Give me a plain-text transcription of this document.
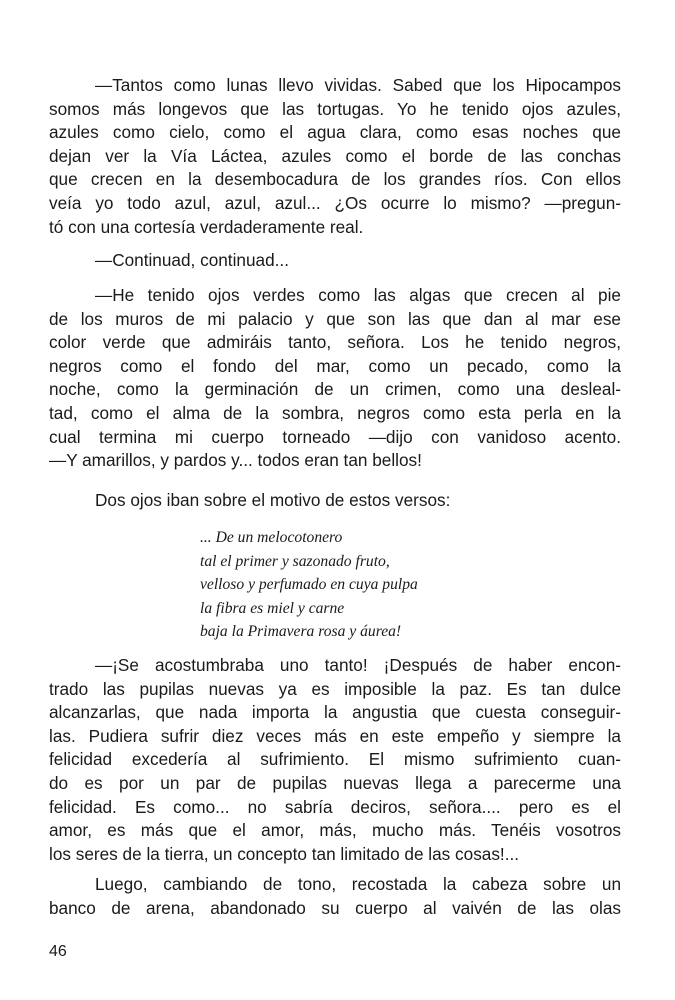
—Tantos como lunas llevo vividas. Sabed que los Hipocampos
somos más longevos que las tortugas. Yo he tenido ojos azules,
azules como cielo, como el agua clara, como esas noches que
dejan ver la Vía Láctea, azules como el borde de las conchas
que crecen en la desembocadura de los grandes ríos. Con ellos
veía yo todo azul, azul, azul... ¿Os ocurre lo mismo? —pregun-
tó con una cortesía verdaderamente real.

—Continuad, continuad...

—He tenido ojos verdes como las algas que crecen al pie
de los muros de mi palacio y que son las que dan al mar ese
color verde que admiráis tanto, señora. Los he tenido negros,
negros como el fondo del mar, como un pecado, como la
noche, como la germinación de un crimen, como una desleal-
tad, como el alma de la sombra, negros como esta perla en la
cual termina mi cuerpo torneado —dijo con vanidoso acento.
—Y amarillos, y pardos y... todos eran tan bellos!

Dos ojos iban sobre el motivo de estos versos:

... De un melocotonero
tal el primer y sazonado fruto,
velloso y perfumado en cuya pulpa
la fibra es miel y carne
baja la Primavera rosa y áurea!

—¡Se acostumbraba uno tanto! ¡Después de haber encon-
trado las pupilas nuevas ya es imposible la paz. Es tan dulce
alcanzarlas, que nada importa la angustia que cuesta conseguir-
las. Pudiera sufrir diez veces más en este empeño y siempre la
felicidad excedería al sufrimiento. El mismo sufrimiento cuan-
do es por un par de pupilas nuevas llega a parecerme una
felicidad. Es como... no sabría deciros, señora.... pero es el
amor, es más que el amor, más, mucho más. Tenéis vosotros
los seres de la tierra, un concepto tan limitado de las cosas!...

Luego, cambiando de tono, recostada la cabeza sobre un
banco de arena, abandonado su cuerpo al vaivén de las olas

46
